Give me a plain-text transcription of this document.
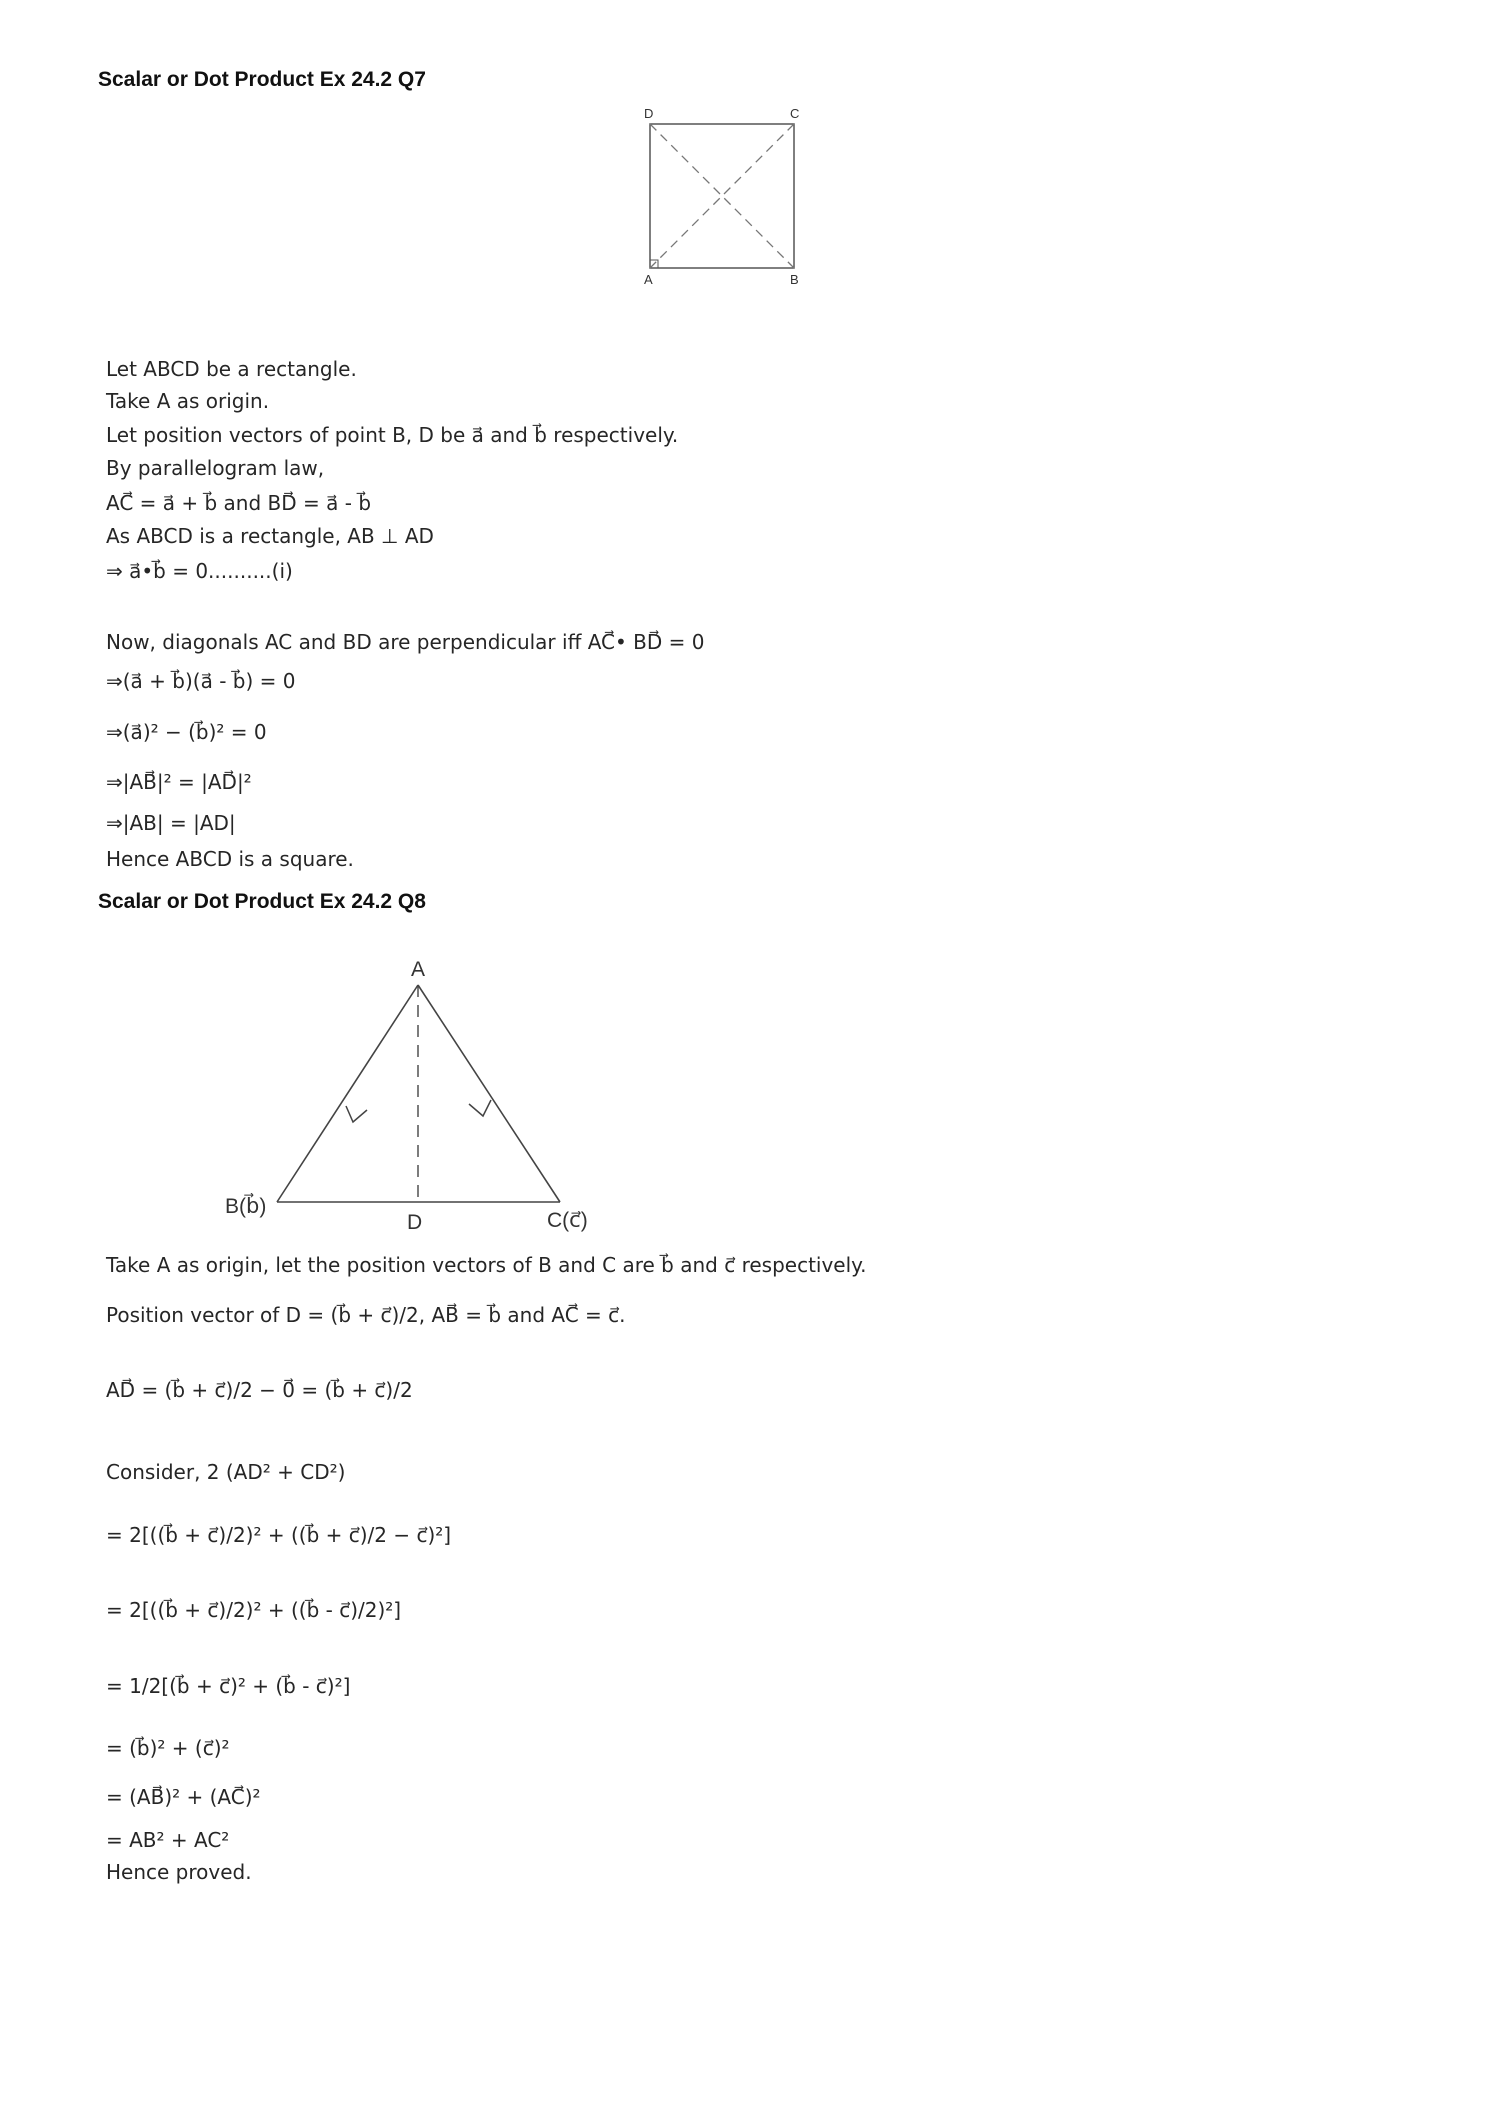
Scalar or Dot Product Ex 24.2 Q7
D	C
A	B
Let ABCD be a rectangle.
Take A as origin.
Let position vectors of point B, D be a⃗ and b⃗ respectively.
By parallelogram law,
AC⃗ = a⃗ + b⃗ and BD⃗ = a⃗ - b⃗
As ABCD is a rectangle, AB ⊥ AD
⇒ a⃗•b⃗ = 0..........(i)
Now, diagonals AC and BD are perpendicular iff AC⃗• BD⃗ = 0
⇒(a⃗ + b⃗)(a⃗ - b⃗) = 0
⇒(a⃗)² − (b⃗)² = 0
⇒|AB⃗|² = |AD⃗|²
⇒|AB| = |AD|
Hence ABCD is a square.
Scalar or Dot Product Ex 24.2 Q8
A
B(b⃗)
D	C(c⃗)
Take A as origin, let the position vectors of B and C are b⃗ and c⃗ respectively.
Position vector of D = (b⃗ + c⃗)/2, AB⃗ = b⃗ and AC⃗ = c⃗.
AD⃗ = (b⃗ + c⃗)/2 − 0⃗ = (b⃗ + c⃗)/2
Consider, 2 (AD² + CD²)
= 2[((b⃗ + c⃗)/2)² + ((b⃗ + c⃗)/2 − c⃗)²]
= 2[((b⃗ + c⃗)/2)² + ((b⃗ - c⃗)/2)²]
= 1/2[(b⃗ + c⃗)² + (b⃗ - c⃗)²]
= (b⃗)² + (c⃗)²
= (AB⃗)² + (AC⃗)²
= AB² + AC²
Hence proved.
